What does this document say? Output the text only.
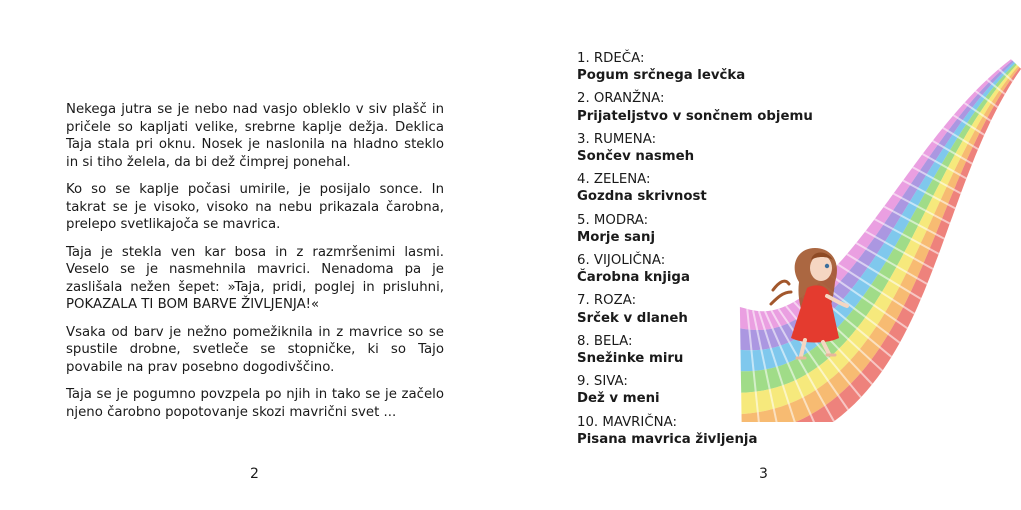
Nekega jutra se je nebo nad vasjo obleklo v siv plašč in pričele so kapljati velike, srebrne kaplje dežja. Deklica Taja stala pri oknu. Nosek je naslonila na hladno steklo in si tiho želela, da bi dež čimprej ponehal.

Ko so se kaplje počasi umirile, je posijalo sonce. In takrat se je visoko, visoko na nebu prikazala čarobna, prelepo svetlikajoča se mavrica.

Taja je stekla ven kar bosa in z razmršenimi lasmi. Veselo se je nasmehnila mavrici. Nenadoma pa je zaslišala nežen šepet: »Taja, pridi, poglej in prisluhni, POKAZALA TI BOM BARVE ŽIVLJENJA!«

Vsaka od barv je nežno pomežiknila in z mavrice so se spustile drobne, svetleče se stopničke, ki so Tajo povabile na prav posebno dogodivščino.

Taja se je pogumno povzpela po njih in tako se je začelo njeno čarobno popotovanje skozi mavrični svet ...

2
1. RDEČA:
Pogum srčnega levčka
2. ORANŽNA:
Prijateljstvo v sončnem objemu
3. RUMENA:
Sončev nasmeh
4. ZELENA:
Gozdna skrivnost
5. MODRA:
Morje sanj
6. VIJOLIČNA:
Čarobna knjiga
7. ROZA:
Srček v dlaneh
8. BELA:
Snežinke miru
9. SIVA:
Dež v meni
10. MAVRIČNA:
Pisana mavrica življenja
3
